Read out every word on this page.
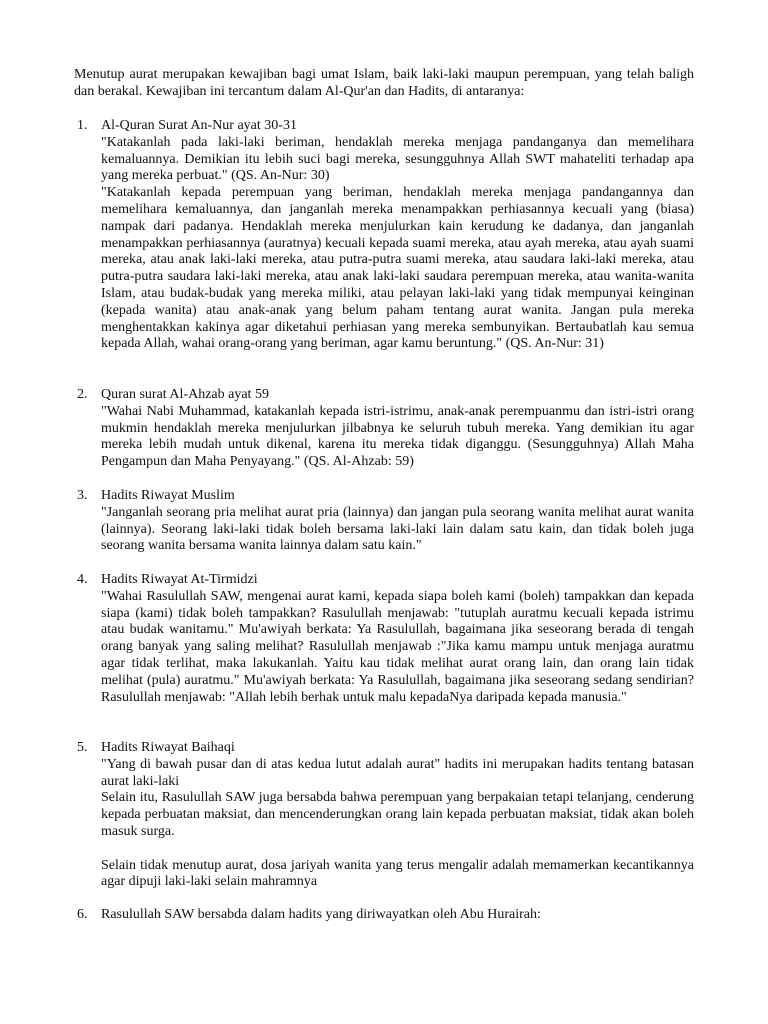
Menutup aurat merupakan kewajiban bagi umat Islam, baik laki-laki maupun perempuan, yang telah baligh dan berakal. Kewajiban ini tercantum dalam Al-Qur'an dan Hadits, di antaranya:

1. Al-Quran Surat An-Nur ayat 30-31

"Katakanlah pada laki-laki beriman, hendaklah mereka menjaga pandanganya dan memelihara kemaluannya. Demikian itu lebih suci bagi mereka, sesungguhnya Allah SWT mahateliti terhadap apa yang mereka perbuat." (QS. An-Nur: 30)

"Katakanlah kepada perempuan yang beriman, hendaklah mereka menjaga pandangannya dan memelihara kemaluannya, dan janganlah mereka menampakkan perhiasannya kecuali yang (biasa) nampak dari padanya. Hendaklah mereka menjulurkan kain kerudung ke dadanya, dan janganlah menampakkan perhiasannya (auratnya) kecuali kepada suami mereka, atau ayah mereka, atau ayah suami mereka, atau anak laki-laki mereka, atau putra-putra suami mereka, atau saudara laki-laki mereka, atau putra-putra saudara laki-laki mereka, atau anak laki-laki saudara perempuan mereka, atau wanita-wanita Islam, atau budak-budak yang mereka miliki, atau pelayan laki-laki yang tidak mempunyai keinginan (kepada wanita) atau anak-anak yang belum paham tentang aurat wanita. Jangan pula mereka menghentakkan kakinya agar diketahui perhiasan yang mereka sembunyikan. Bertaubatlah kau semua kepada Allah, wahai orang-orang yang beriman, agar kamu beruntung." (QS. An-Nur: 31)

2. Quran surat Al-Ahzab ayat 59

"Wahai Nabi Muhammad, katakanlah kepada istri-istrimu, anak-anak perempuanmu dan istri-istri orang mukmin hendaklah mereka menjulurkan jilbabnya ke seluruh tubuh mereka. Yang demikian itu agar mereka lebih mudah untuk dikenal, karena itu mereka tidak diganggu. (Sesungguhnya) Allah Maha Pengampun dan Maha Penyayang." (QS. Al-Ahzab: 59)

3. Hadits Riwayat Muslim

"Janganlah seorang pria melihat aurat pria (lainnya) dan jangan pula seorang wanita melihat aurat wanita (lainnya). Seorang laki-laki tidak boleh bersama laki-laki lain dalam satu kain, dan tidak boleh juga seorang wanita bersama wanita lainnya dalam satu kain."

4. Hadits Riwayat At-Tirmidzi

"Wahai Rasulullah SAW, mengenai aurat kami, kepada siapa boleh kami (boleh) tampakkan dan kepada siapa (kami) tidak boleh tampakkan? Rasulullah menjawab: "tutuplah auratmu kecuali kepada istrimu atau budak wanitamu." Mu'awiyah berkata: Ya Rasulullah, bagaimana jika seseorang berada di tengah orang banyak yang saling melihat? Rasulullah menjawab :"Jika kamu mampu untuk menjaga auratmu agar tidak terlihat, maka lakukanlah. Yaitu kau tidak melihat aurat orang lain, dan orang lain tidak melihat (pula) auratmu." Mu'awiyah berkata: Ya Rasulullah, bagaimana jika seseorang sedang sendirian? Rasulullah menjawab: "Allah lebih berhak untuk malu kepadaNya daripada kepada manusia."

5. Hadits Riwayat Baihaqi

"Yang di bawah pusar dan di atas kedua lutut adalah aurat" hadits ini merupakan hadits tentang batasan aurat laki-laki

Selain itu, Rasulullah SAW juga bersabda bahwa perempuan yang berpakaian tetapi telanjang, cenderung kepada perbuatan maksiat, dan mencenderungkan orang lain kepada perbuatan maksiat, tidak akan boleh masuk surga.

Selain tidak menutup aurat, dosa jariyah wanita yang terus mengalir adalah memamerkan kecantikannya agar dipuji laki-laki selain mahramnya

6. Rasulullah SAW bersabda dalam hadits yang diriwayatkan oleh Abu Hurairah:
